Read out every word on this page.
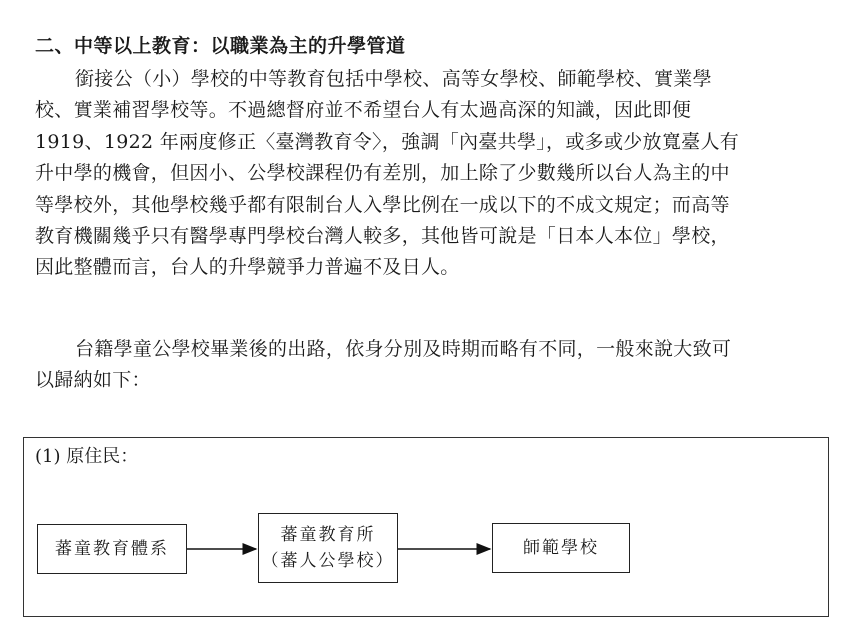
二、中等以上教育：以職業為主的升學管道
銜接公（小）學校的中等教育包括中學校、高等女學校、師範學校、實業學
校、實業補習學校等。不過總督府並不希望台人有太過高深的知識，因此即便
1919、1922 年兩度修正〈臺灣教育令〉，強調「內臺共學」，或多或少放寬臺人有
升中學的機會，但因小、公學校課程仍有差別，加上除了少數幾所以台人為主的中
等學校外，其他學校幾乎都有限制台人入學比例在一成以下的不成文規定；而高等
教育機關幾乎只有醫學專門學校台灣人較多，其他皆可說是「日本人本位」學校，
因此整體而言，台人的升學競爭力普遍不及日人。
台籍學童公學校畢業後的出路，依身分別及時期而略有不同，一般來說大致可
以歸納如下：
(1) 原住民：
蕃童教育體系
蕃童教育所
（蕃人公學校）
師範學校
